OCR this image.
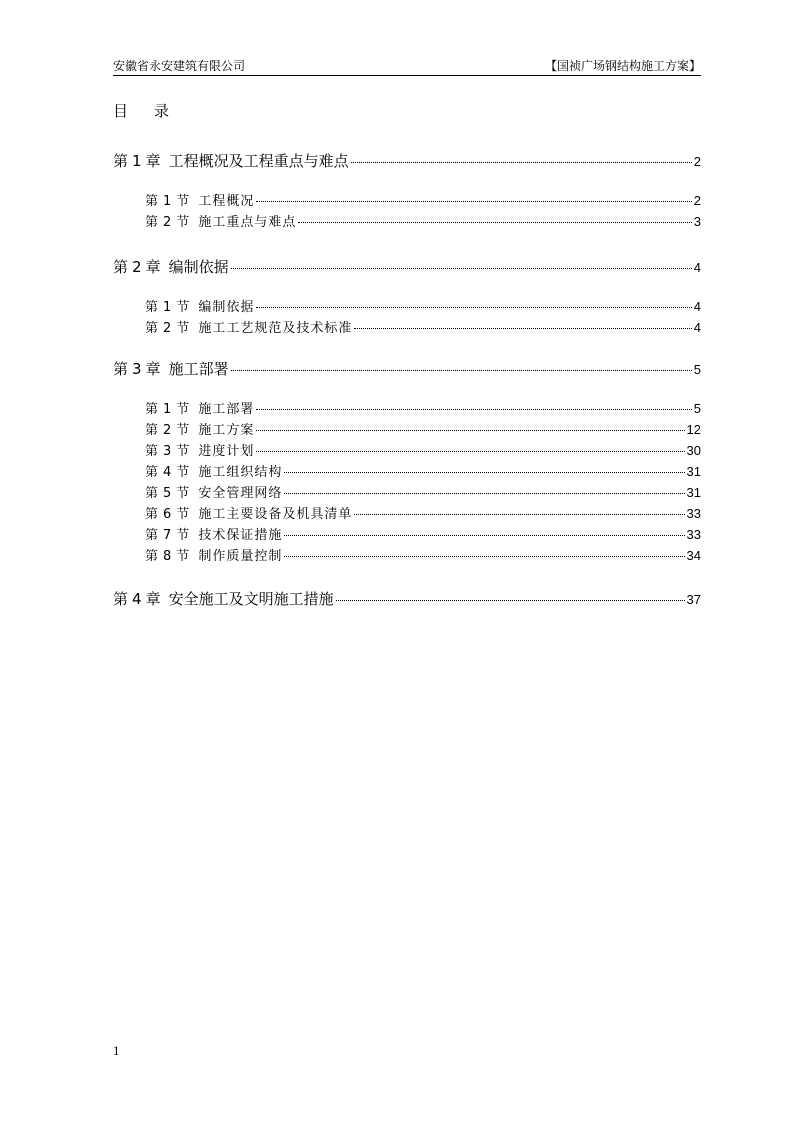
安徽省永安建筑有限公司	【国祯广场钢结构施工方案】
目 录
第 1 章 工程概况及工程重点与难点	2
第 1 节 工程概况	2
第 2 节 施工重点与难点	3
第 2 章 编制依据	4
第 1 节 编制依据	4
第 2 节 施工工艺规范及技术标准	4
第 3 章 施工部署	5
第 1 节 施工部署	5
第 2 节 施工方案	12
第 3 节 进度计划	30
第 4 节 施工组织结构	31
第 5 节 安全管理网络	31
第 6 节 施工主要设备及机具清单	33
第 7 节 技术保证措施	33
第 8 节 制作质量控制	34
第 4 章 安全施工及文明施工措施	37
1
